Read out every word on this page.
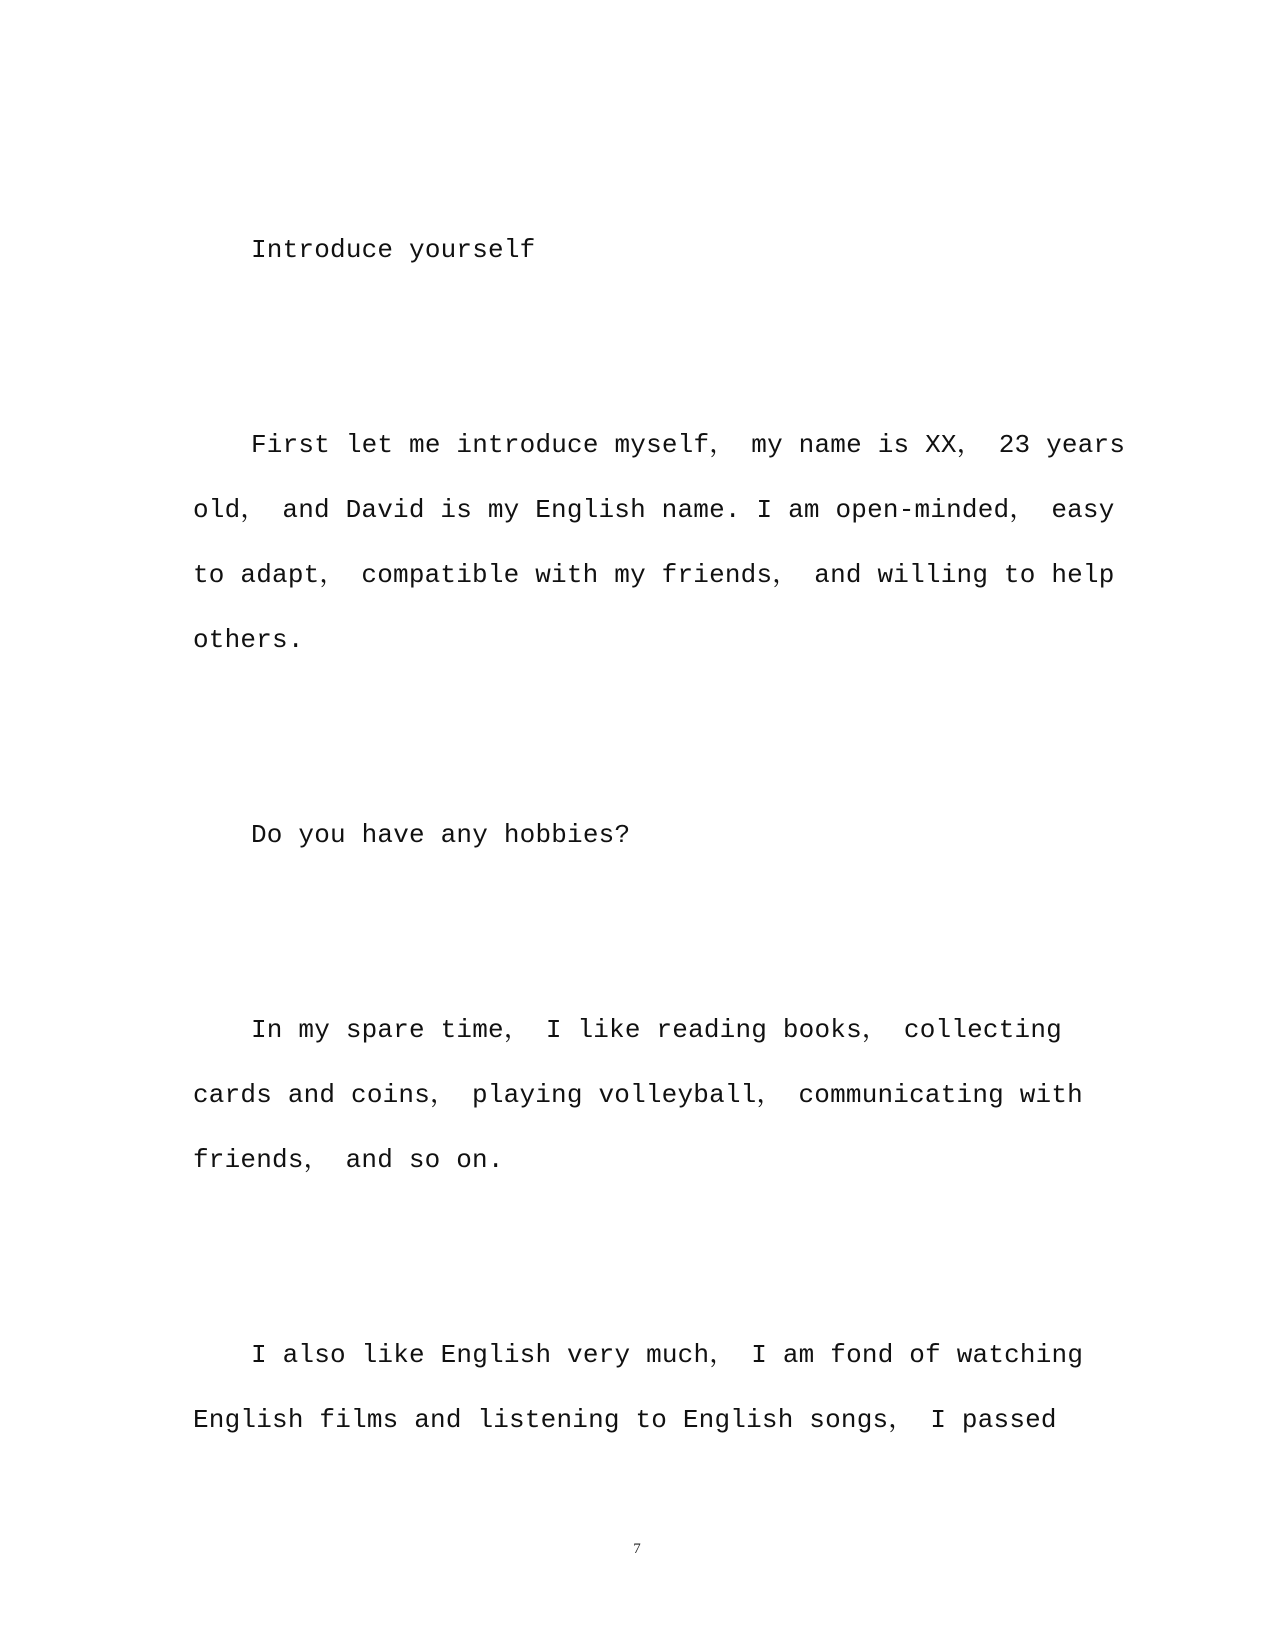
Introduce yourself
First let me introduce myself， my name is XX， 23 years
old， and David is my English name. I am open-minded， easy
to adapt， compatible with my friends， and willing to help
others.
Do you have any hobbies?
In my spare time， I like reading books， collecting
cards and coins， playing volleyball， communicating with
friends， and so on.
I also like English very much， I am fond of watching
English films and listening to English songs， I passed
7
